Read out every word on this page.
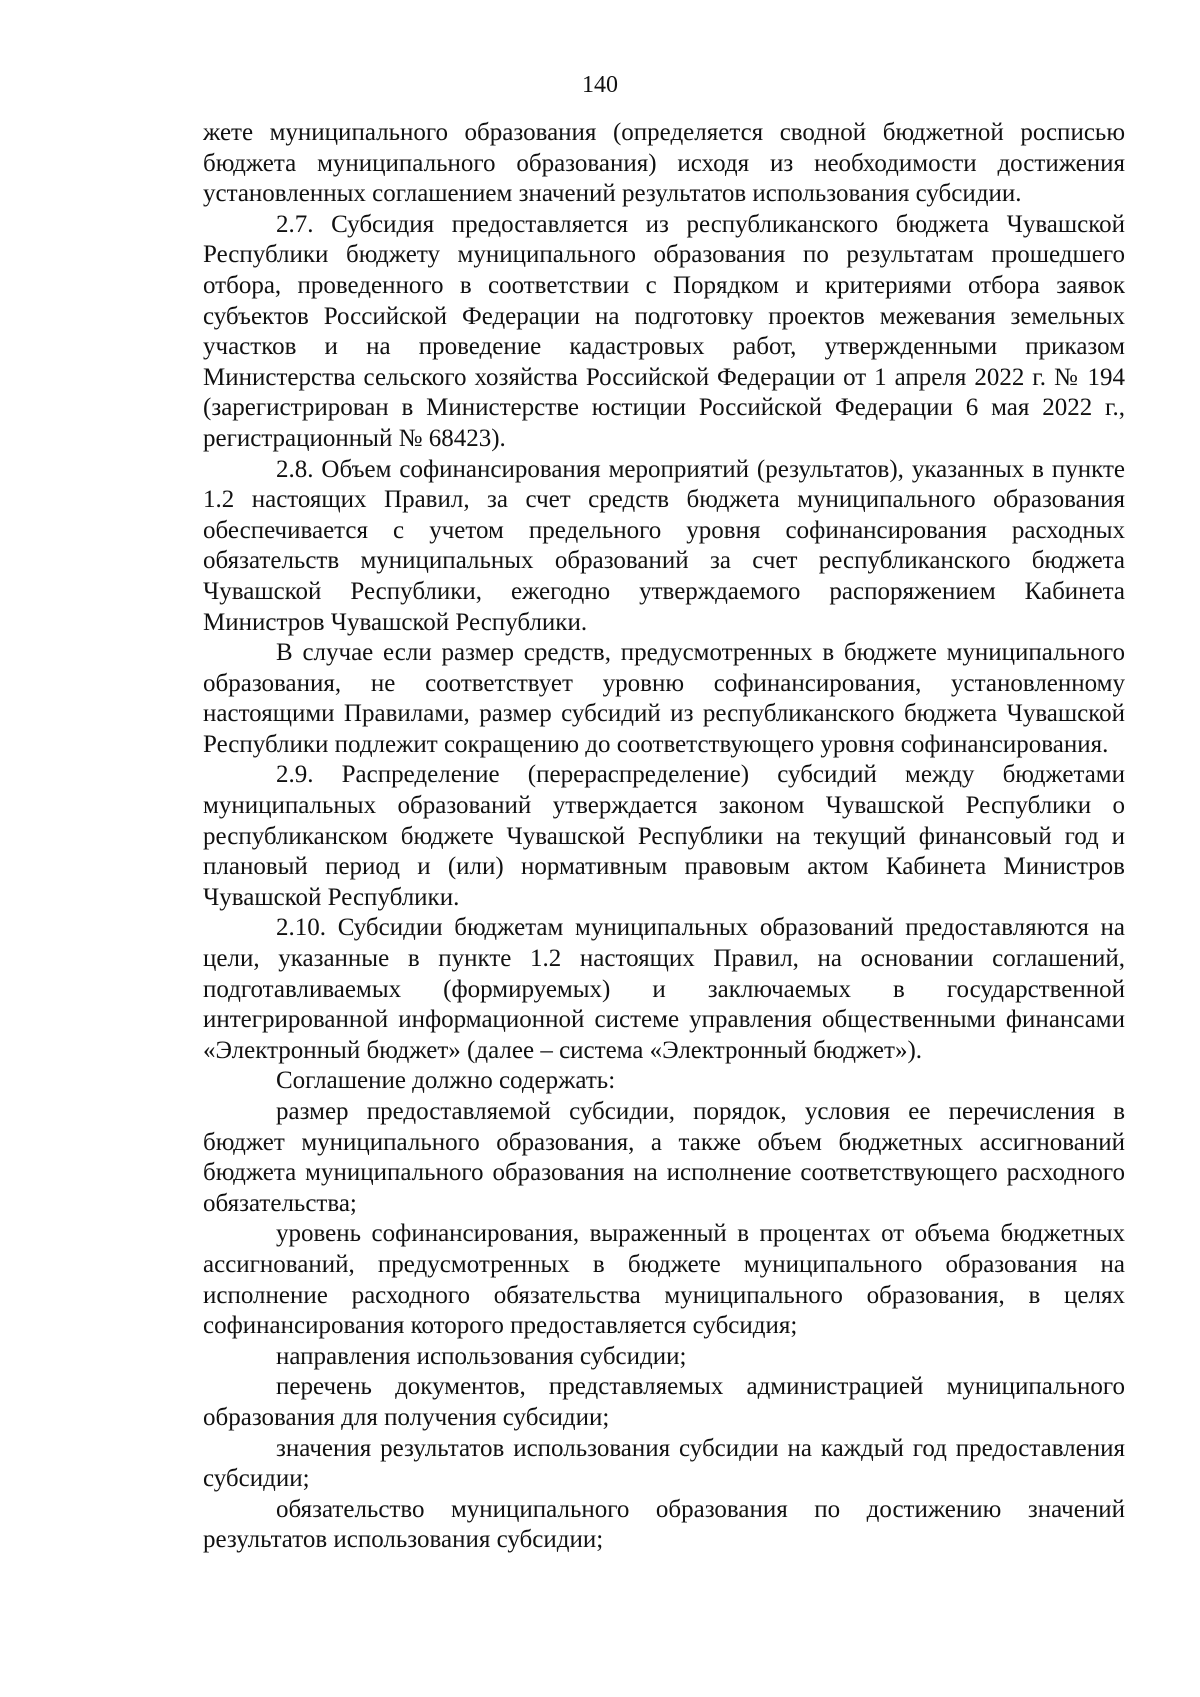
140

жете муниципального образования (определяется сводной бюджетной росписью бюджета муниципального образования) исходя из необходимости достижения установленных соглашением значений результатов использования субсидии.

2.7. Субсидия предоставляется из республиканского бюджета Чувашской Республики бюджету муниципального образования по результатам прошедшего отбора, проведенного в соответствии с Порядком и критериями отбора заявок субъектов Российской Федерации на подготовку проектов межевания земельных участков и на проведение кадастровых работ, утвержденными приказом Министерства сельского хозяйства Российской Федерации от 1 апреля 2022 г. № 194 (зарегистрирован в Министерстве юстиции Российской Федерации 6 мая 2022 г., регистрационный № 68423).

2.8. Объем софинансирования мероприятий (результатов), указанных в пункте 1.2 настоящих Правил, за счет средств бюджета муниципального образования обеспечивается с учетом предельного уровня софинансирования расходных обязательств муниципальных образований за счет республиканского бюджета Чувашской Республики, ежегодно утверждаемого распоряжением Кабинета Министров Чувашской Республики.

В случае если размер средств, предусмотренных в бюджете муниципального образования, не соответствует уровню софинансирования, установленному настоящими Правилами, размер субсидий из республиканского бюджета Чувашской Республики подлежит сокращению до соответствующего уровня софинансирования.

2.9. Распределение (перераспределение) субсидий между бюджетами муниципальных образований утверждается законом Чувашской Республики о республиканском бюджете Чувашской Республики на текущий финансовый год и плановый период и (или) нормативным правовым актом Кабинета Министров Чувашской Республики.

2.10. Субсидии бюджетам муниципальных образований предоставляются на цели, указанные в пункте 1.2 настоящих Правил, на основании соглашений, подготавливаемых (формируемых) и заключаемых в государственной интегрированной информационной системе управления общественными финансами «Электронный бюджет» (далее – система «Электронный бюджет»).

Соглашение должно содержать:

размер предоставляемой субсидии, порядок, условия ее перечисления в бюджет муниципального образования, а также объем бюджетных ассигнований бюджета муниципального образования на исполнение соответствующего расходного обязательства;

уровень софинансирования, выраженный в процентах от объема бюджетных ассигнований, предусмотренных в бюджете муниципального образования на исполнение расходного обязательства муниципального образования, в целях софинансирования которого предоставляется субсидия;

направления использования субсидии;

перечень документов, представляемых администрацией муниципального образования для получения субсидии;

значения результатов использования субсидии на каждый год предоставления субсидии;

обязательство муниципального образования по достижению значений результатов использования субсидии;
